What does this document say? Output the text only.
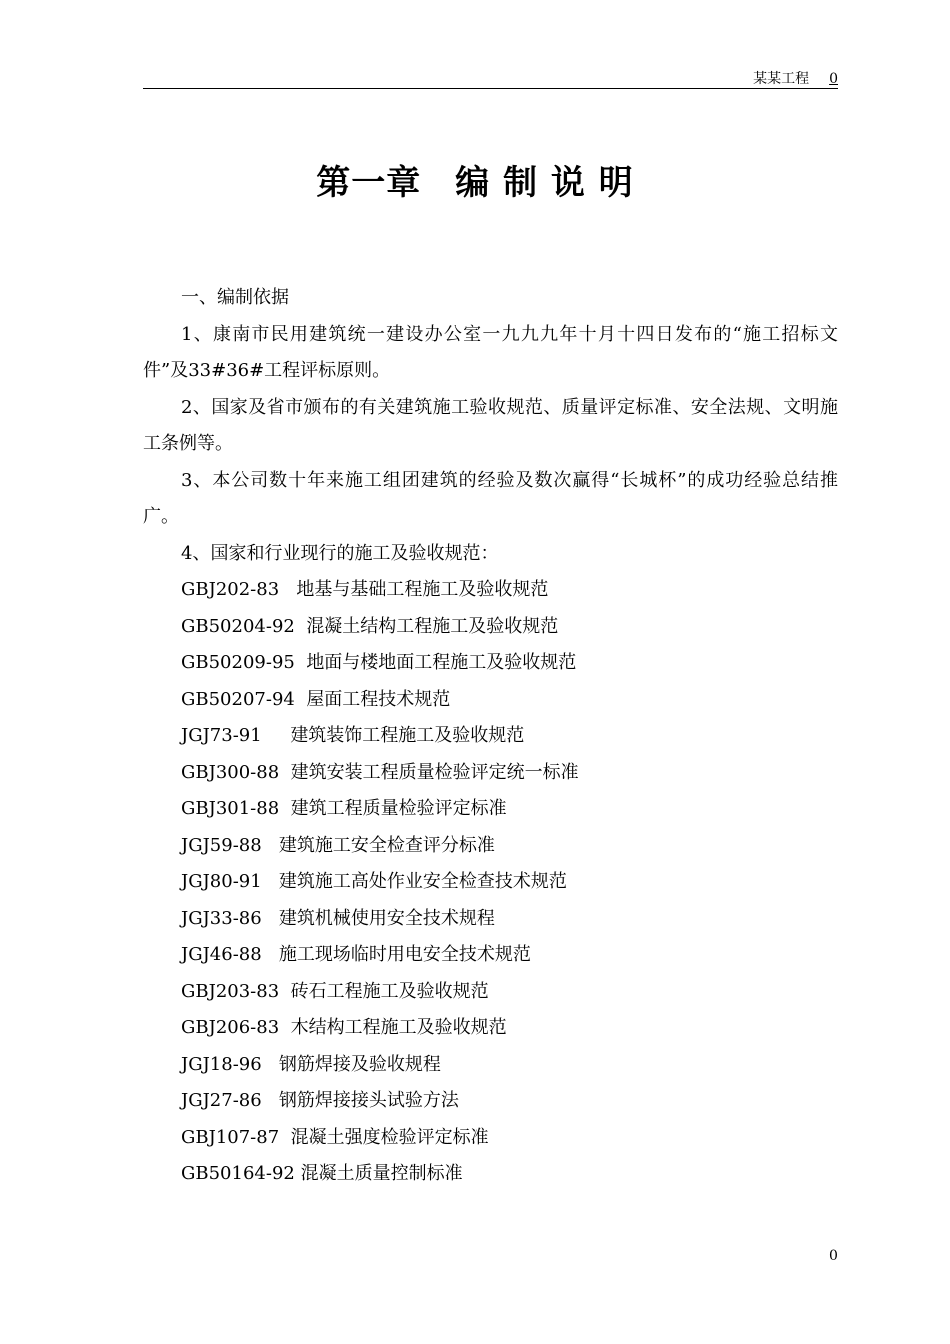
某某工程 0
第一章 编 制 说 明

一、编制依据

1、康南市民用建筑统一建设办公室一九九九年十月十四日发布的“施工招标文件”及33#36#工程评标原则。

2、国家及省市颁布的有关建筑施工验收规范、质量评定标准、安全法规、文明施工条例等。

3、本公司数十年来施工组团建筑的经验及数次赢得“长城杯”的成功经验总结推广。

4、国家和行业现行的施工及验收规范：

GBJ202-83 地基与基础工程施工及验收规范
GB50204-92 混凝土结构工程施工及验收规范
GB50209-95 地面与楼地面工程施工及验收规范
GB50207-94 屋面工程技术规范
JGJ73-91 建筑装饰工程施工及验收规范
GBJ300-88 建筑安装工程质量检验评定统一标准
GBJ301-88 建筑工程质量检验评定标准
JGJ59-88 建筑施工安全检查评分标准
JGJ80-91 建筑施工高处作业安全检查技术规范
JGJ33-86 建筑机械使用安全技术规程
JGJ46-88 施工现场临时用电安全技术规范
GBJ203-83 砖石工程施工及验收规范
GBJ206-83 木结构工程施工及验收规范
JGJ18-96 钢筋焊接及验收规程
JGJ27-86 钢筋焊接接头试验方法
GBJ107-87 混凝土强度检验评定标准
GB50164-92 混凝土质量控制标准
0
